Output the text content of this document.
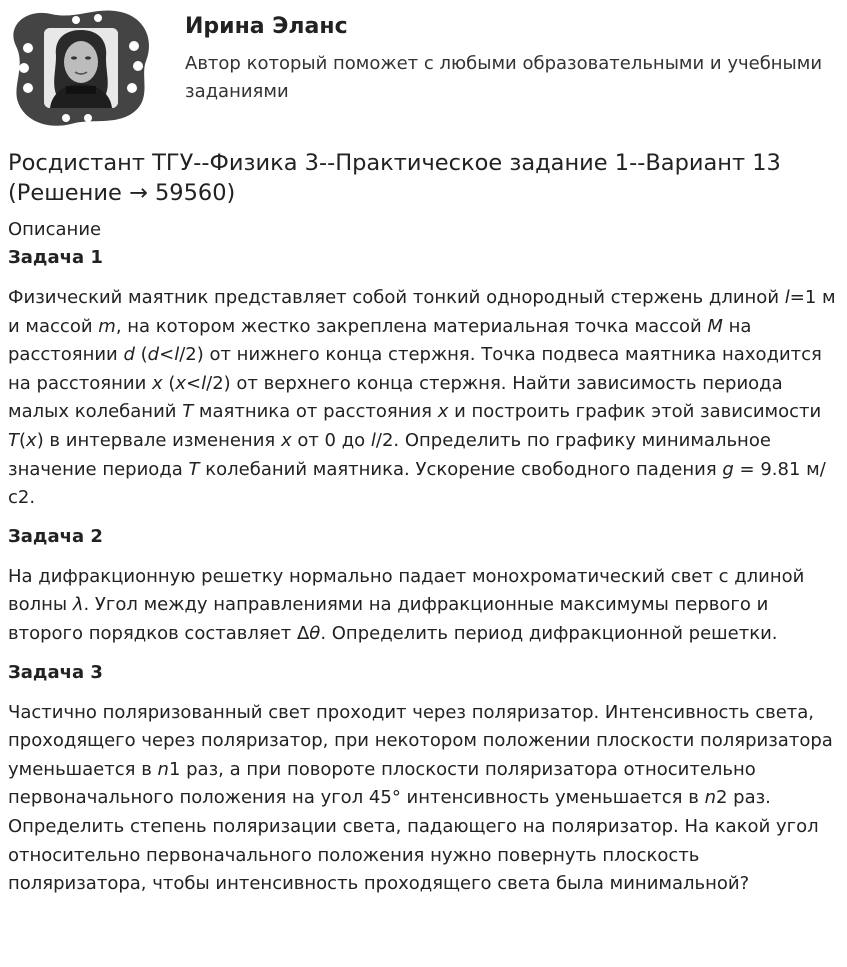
Ирина Эланс
Автор который поможет с любыми образовательными и учебными заданиями
Росдистант ТГУ--Физика 3--Практическое задание 1--Вариант 13 (Решение → 59560)
Описание
Задача 1

Физический маятник представляет собой тонкий однородный стержень длиной l=1 м и массой m, на котором жестко закреплена материальная точка массой M на расстоянии d (d<l/2) от нижнего конца стержня. Точка подвеса маятника находится на расстоянии x (x<l/2) от верхнего конца стержня. Найти зависимость периода малых колебаний T маятника от расстояния x и построить график этой зависимости T(x) в интервале изменения x от 0 до l/2. Определить по графику минимальное значение периода T колебаний маятника. Ускорение свободного падения g = 9.81 м/с2.

Задача 2

На дифракционную решетку нормально падает монохроматический свет с длиной волны λ. Угол между направлениями на дифракционные максимумы первого и второго порядков составляет Δθ. Определить период дифракционной решетки.

Задача 3

Частично поляризованный свет проходит через поляризатор. Интенсивность света, проходящего через поляризатор, при некотором положении плоскости поляризатора уменьшается в n1 раз, а при повороте плоскости поляризатора относительно первоначального положения на угол 45° интенсивность уменьшается в n2 раз. Определить степень поляризации света, падающего на поляризатор. На какой угол относительно первоначального положения нужно повернуть плоскость поляризатора, чтобы интенсивность проходящего света была минимальной?
